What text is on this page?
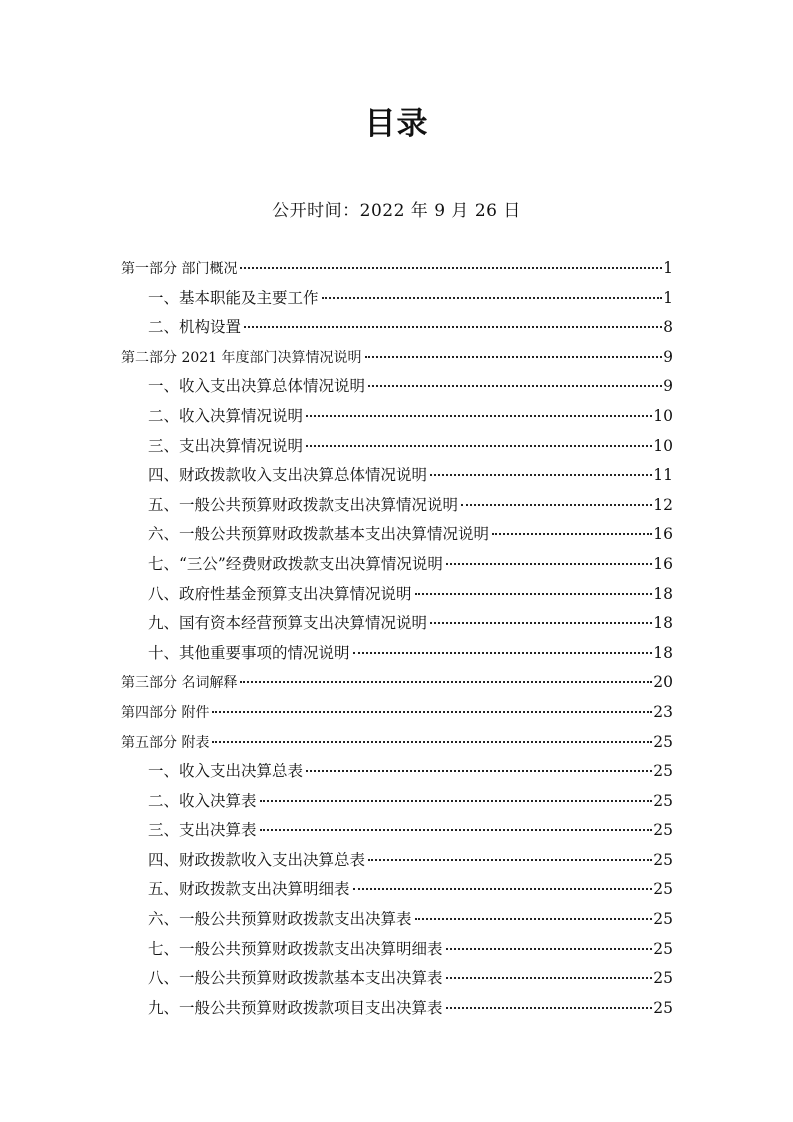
目录
公开时间：2022 年 9 月 26 日
第一部分 部门概况	1
一、基本职能及主要工作	1
二、机构设置	8
第二部分 2021 年度部门决算情况说明	9
一、收入支出决算总体情况说明	9
二、收入决算情况说明	10
三、支出决算情况说明	10
四、财政拨款收入支出决算总体情况说明	11
五、一般公共预算财政拨款支出决算情况说明	12
六、一般公共预算财政拨款基本支出决算情况说明	16
七、“三公”经费财政拨款支出决算情况说明	16
八、政府性基金预算支出决算情况说明	18
九、国有资本经营预算支出决算情况说明	18
十、其他重要事项的情况说明	18
第三部分 名词解释	20
第四部分 附件	23
第五部分 附表	25
一、收入支出决算总表	25
二、收入决算表	25
三、支出决算表	25
四、财政拨款收入支出决算总表	25
五、财政拨款支出决算明细表	25
六、一般公共预算财政拨款支出决算表	25
七、一般公共预算财政拨款支出决算明细表	25
八、一般公共预算财政拨款基本支出决算表	25
九、一般公共预算财政拨款项目支出决算表	25
